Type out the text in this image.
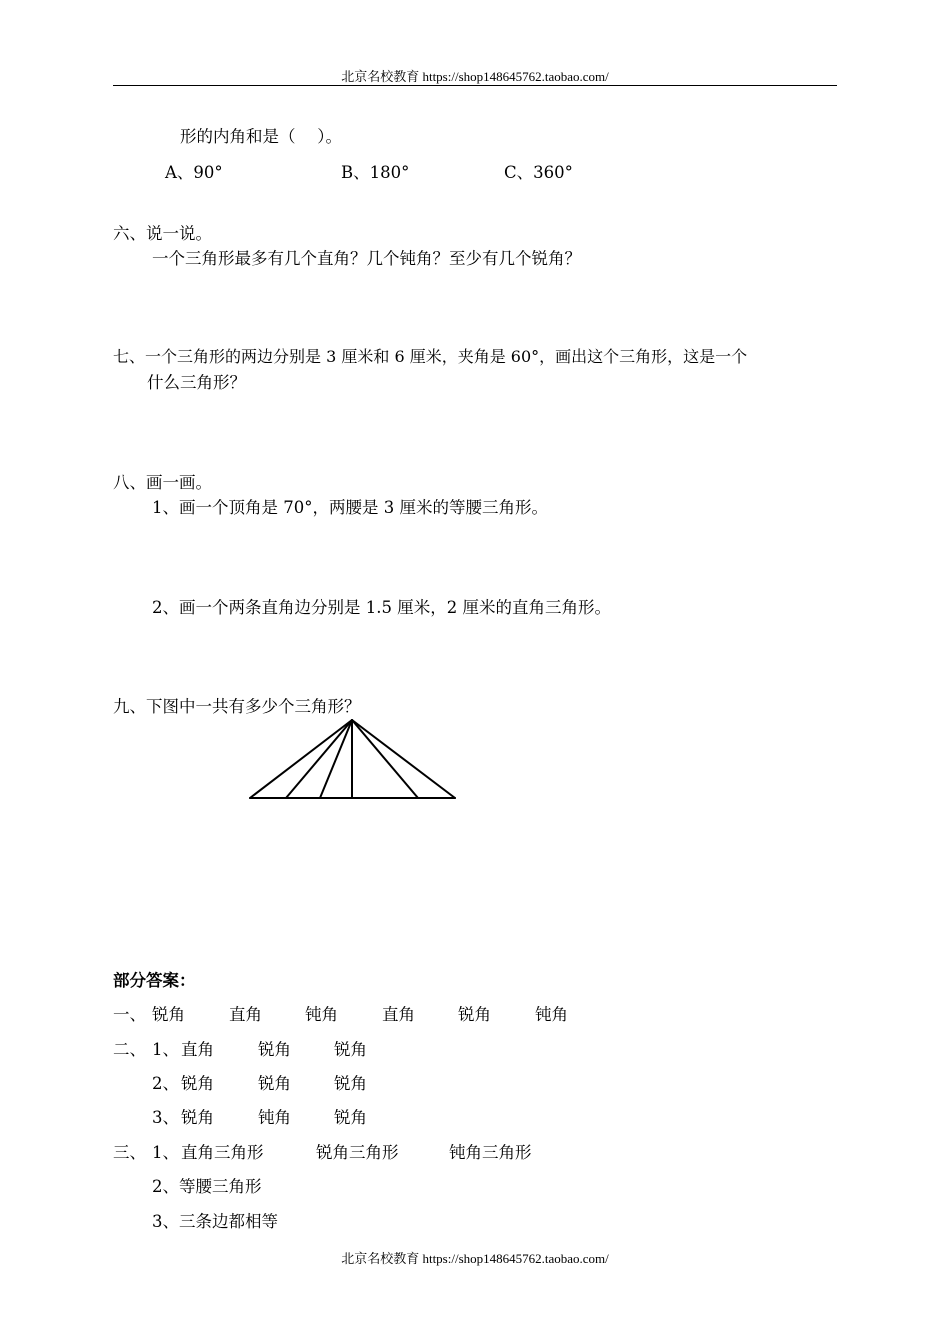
北京名校教育 https://shop148645762.taobao.com/
形的内角和是（　 ）。
A、90°	B、180°	C、360°
六、说一说。
一个三角形最多有几个直角？几个钝角？至少有几个锐角？
七、一个三角形的两边分别是 3 厘米和 6 厘米，夹角是 60°，画出这个三角形，这是一个
什么三角形？
八、画一画。
1、画一个顶角是 70°，两腰是 3 厘米的等腰三角形。
2、画一个两条直角边分别是 1.5 厘米，2 厘米的直角三角形。
九、下图中一共有多少个三角形？
部分答案：
一、 锐角	直角	钝角	直角	锐角	钝角
二、 1、 直角	锐角	锐角
2、 锐角	锐角	锐角
3、 锐角	钝角	锐角
三、 1、 直角三角形	锐角三角形	钝角三角形
2、等腰三角形
3、三条边都相等
北京名校教育 https://shop148645762.taobao.com/
